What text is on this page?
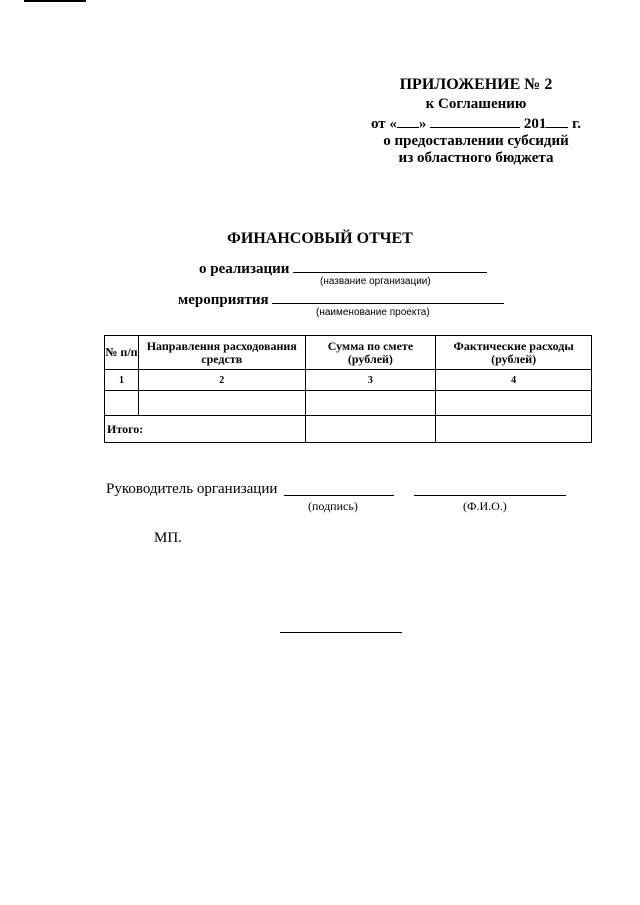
ПРИЛОЖЕНИЕ № 2
к Соглашению
от « »	201 г.
о предоставлении субсидий
из областного бюджета
ФИНАНСОВЫЙ ОТЧЕТ
о реализации
(название организации)
мероприятия
(наименование проекта)
№ п/п	Направления расходования средств	Сумма по смете (рублей)	Фактические расходы (рублей)
1	2	3	4

Итого:			
Руководитель организации
(подпись)	(Ф.И.О.)
МП.
